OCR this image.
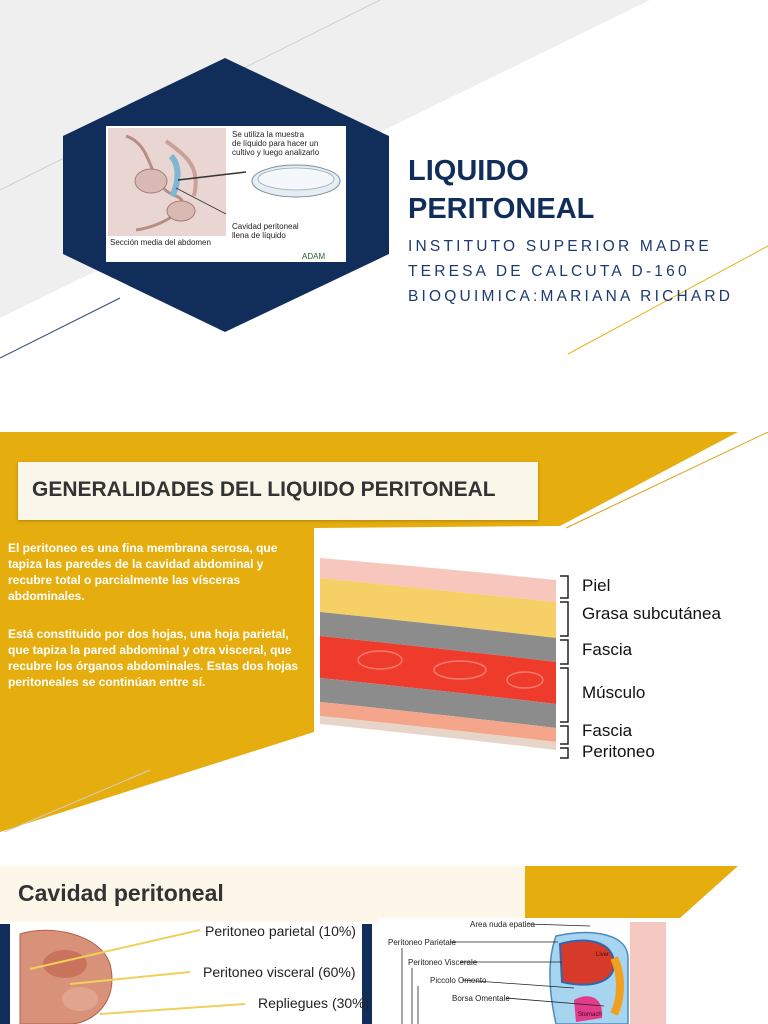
Se utiliza la muestra
de líquido para hacer un
cultivo y luego analizarlo
Cavidad peritoneal
llena de líquido
Sección media del abdomen
ADAM
LIQUIDO
PERITONEAL
INSTITUTO SUPERIOR MADRE
TERESA DE CALCUTA D-160
BIOQUIMICA:MARIANA RICHARD
GENERALIDADES DEL LIQUIDO PERITONEAL
El peritoneo es una fina membrana serosa, que tapiza las paredes de la cavidad abdominal y recubre total o parcialmente las vísceras abdominales.
Está constituido por dos hojas, una hoja parietal, que tapiza la pared abdominal y otra visceral, que recubre los órganos abdominales. Estas dos hojas peritoneales se continúan entre sí.
Piel
Grasa subcutánea
Fascia
Músculo
Fascia
Peritoneo
Cavidad peritoneal
Peritoneo parietal (10%)
Peritoneo visceral (60%)
Repliegues (30%)
Area nuda epatica
Peritoneo Parietale
Peritoneo Viscerale
Piccolo Omento
Borsa Omentale
Liver
Stomach
